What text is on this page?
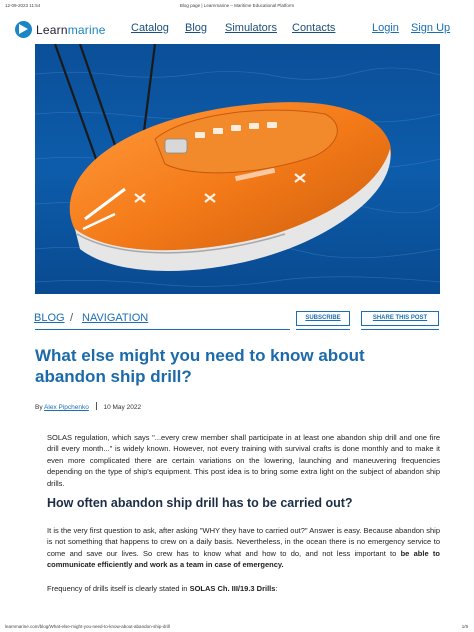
12-09-2023 11:54	Blog page | Learnmarine – Maritime Educational Platform
Learnmarine Catalog Blog Simulators Contacts	Login Sign Up
BLOG / NAVIGATION	SUBSCRIBE	SHARE THIS POST
What else might you need to know about abandon ship drill?
By Alex Pipchenko 10 May 2022

SOLAS regulation, which says "...every crew member shall participate in at least one abandon ship drill and one fire drill every month..." is widely known. However, not every training with survival crafts is done monthly and to make it even more complicated there are certain variations on the lowering, launching and maneuvering frequencies depending on the type of ship's equipment. This post idea is to bring some extra light on the subject of abandon ship drills.

How often abandon ship drill has to be carried out?

It is the very first question to ask, after asking "WHY they have to carried out?" Answer is easy. Because abandon ship is not something that happens to crew on a daily basis. Nevertheless, in the ocean there is no emergency service to come and save our lives. So crew has to know what and how to do, and not less important to be able to communicate efficiently and work as a team in case of emergency.

Frequency of drills itself is clearly stated in SOLAS Ch. III/19.3 Drills:

learnmarine.com/blog/What-else-might-you-need-to-know-about-abandon-ship-drill	1/9
